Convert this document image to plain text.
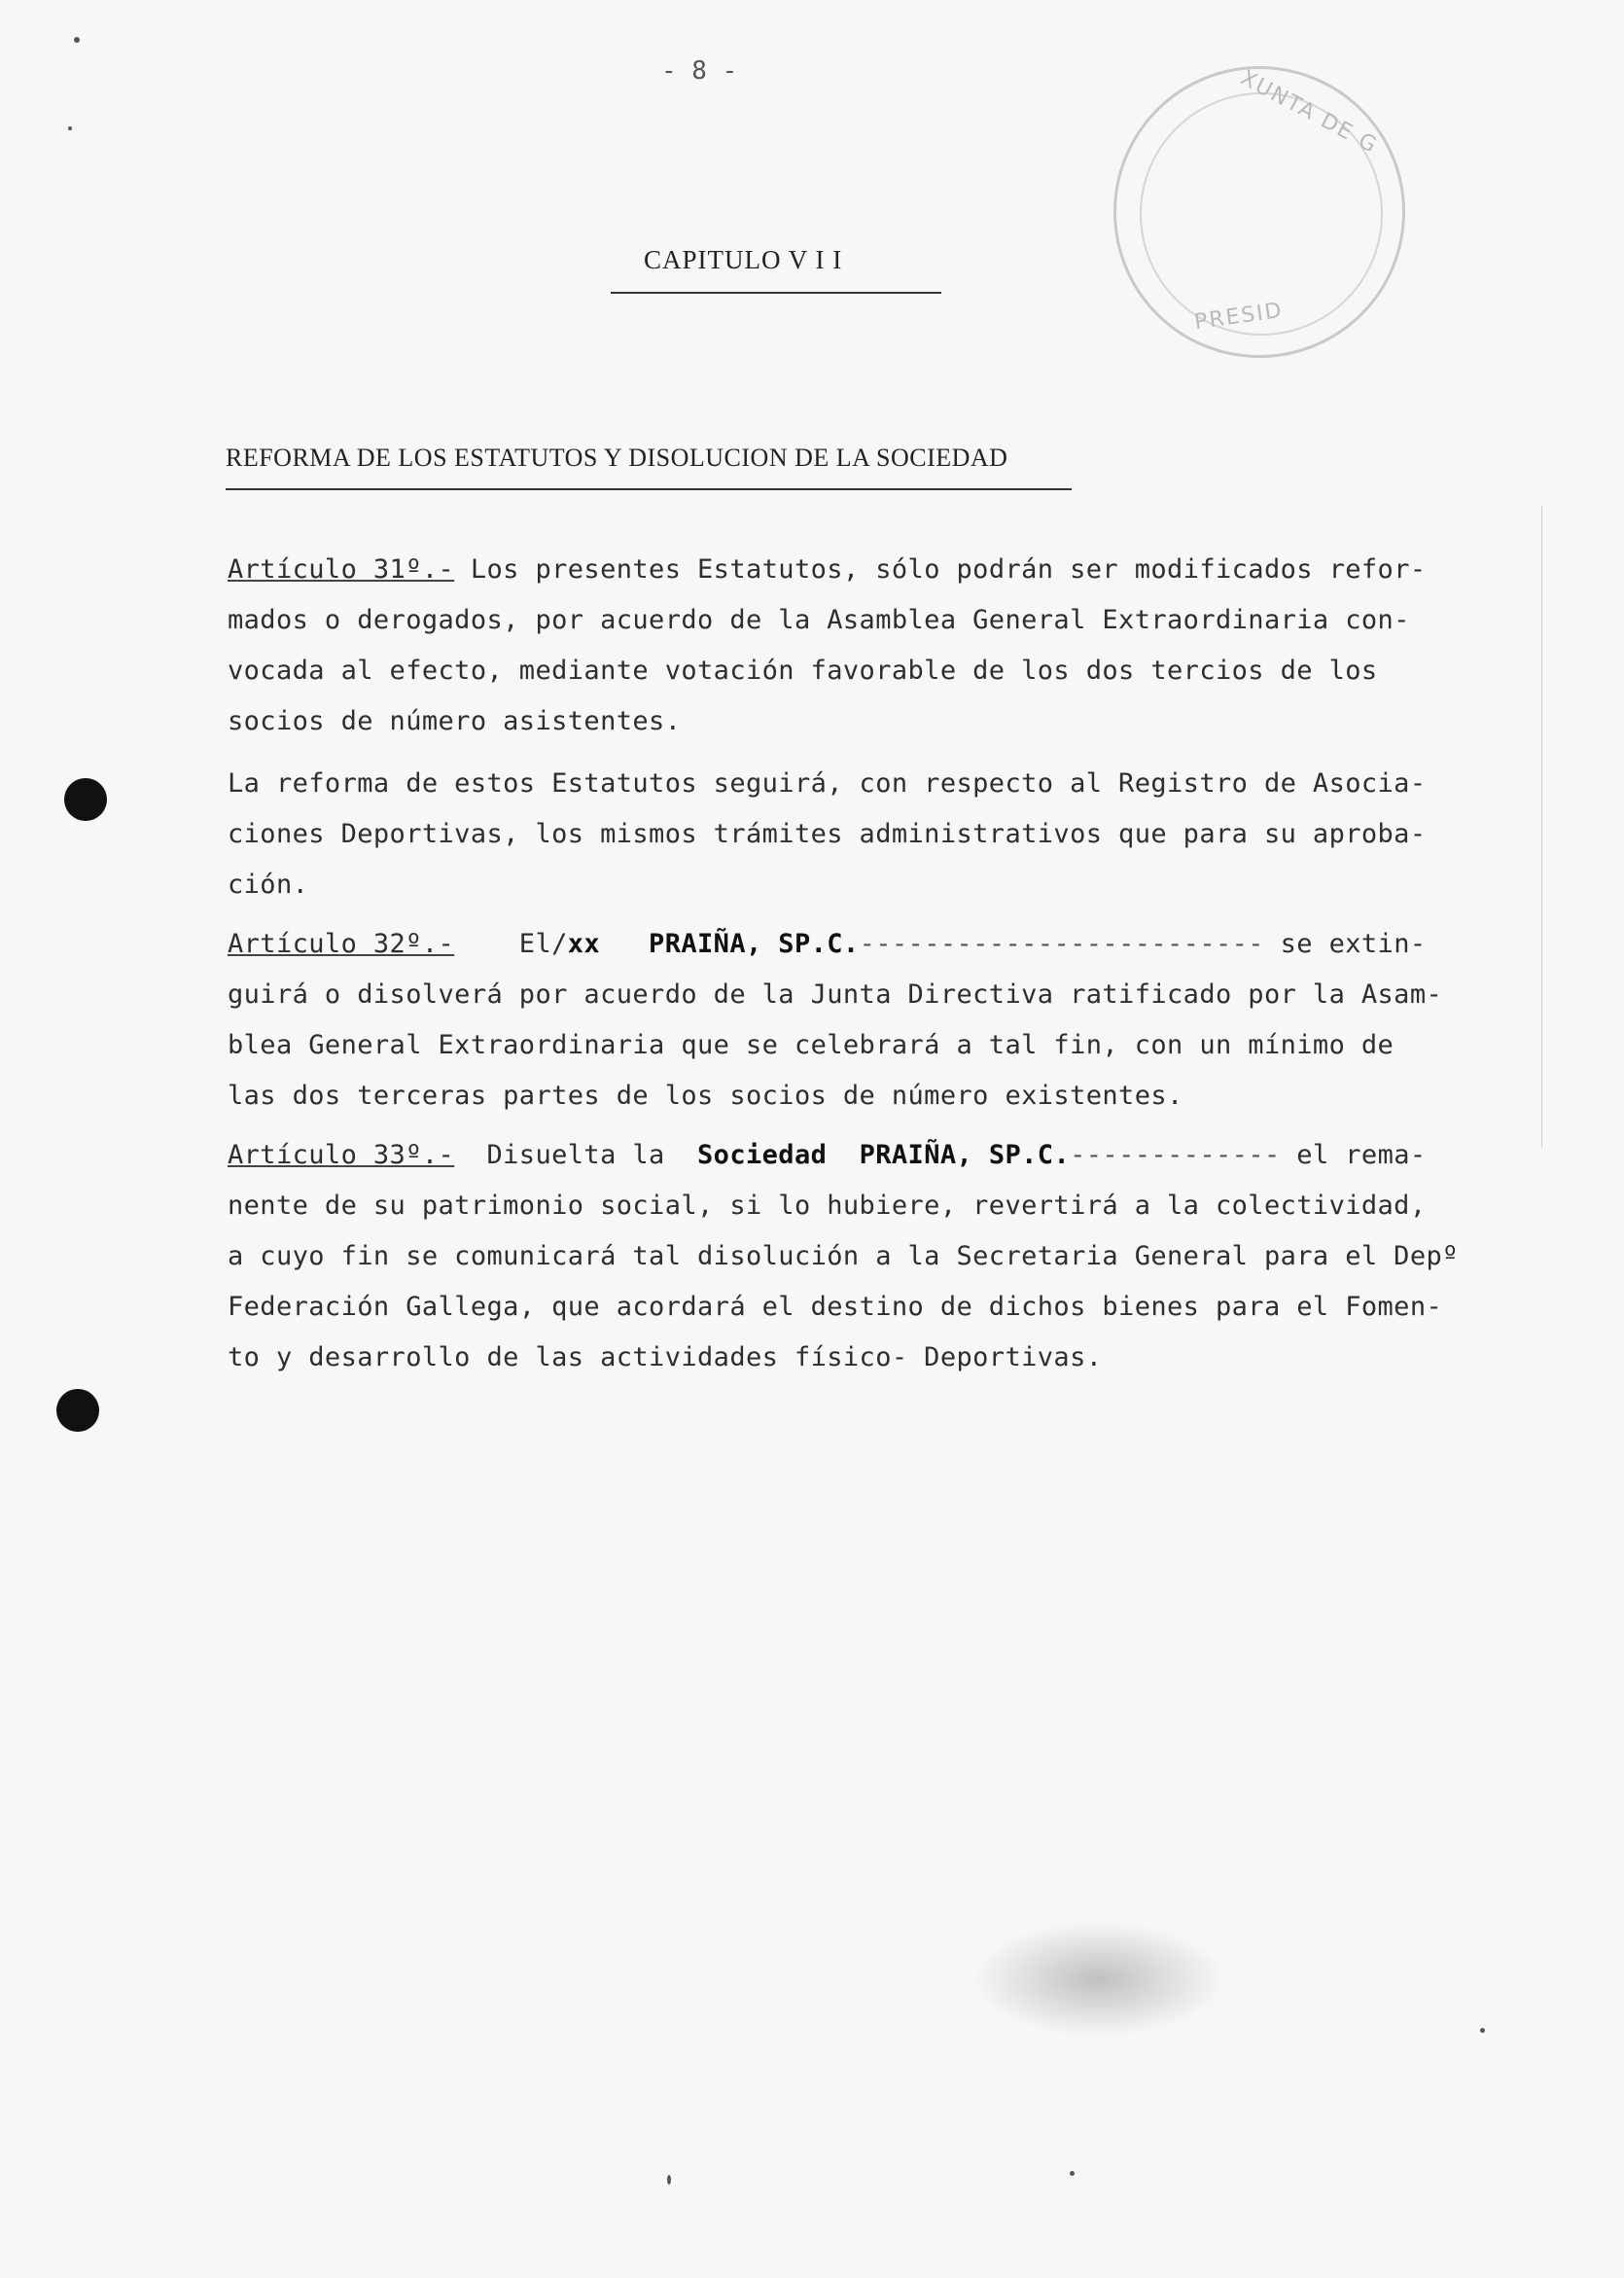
- 8 -	XUNTA DE G
PRESID
CAPITULO V I I
REFORMA DE LOS ESTATUTOS Y DISOLUCION DE LA SOCIEDAD
Artículo 31º.- Los presentes Estatutos, sólo podrán ser modificados refor-
mados o derogados, por acuerdo de la Asamblea General Extraordinaria con-
vocada al efecto, mediante votación favorable de los dos tercios de los
socios de número asistentes.
La reforma de estos Estatutos seguirá, con respecto al Registro de Asocia-
ciones Deportivas, los mismos trámites administrativos que para su aproba-
ción.
Artículo 32º.-    El/xx   PRAIÑA, SP.C.------------------------- se extin-
guirá o disolverá por acuerdo de la Junta Directiva ratificado por la Asam-
blea General Extraordinaria que se celebrará a tal fin, con un mínimo de
las dos terceras partes de los socios de número existentes.
Artículo 33º.-  Disuelta la  Sociedad  PRAIÑA, SP.C.------------- el rema-
nente de su patrimonio social, si lo hubiere, revertirá a la colectividad,
a cuyo fin se comunicará tal disolución a la Secretaria General para el Depº
Federación Gallega, que acordará el destino de dichos bienes para el Fomen-
to y desarrollo de las actividades físico- Deportivas.
